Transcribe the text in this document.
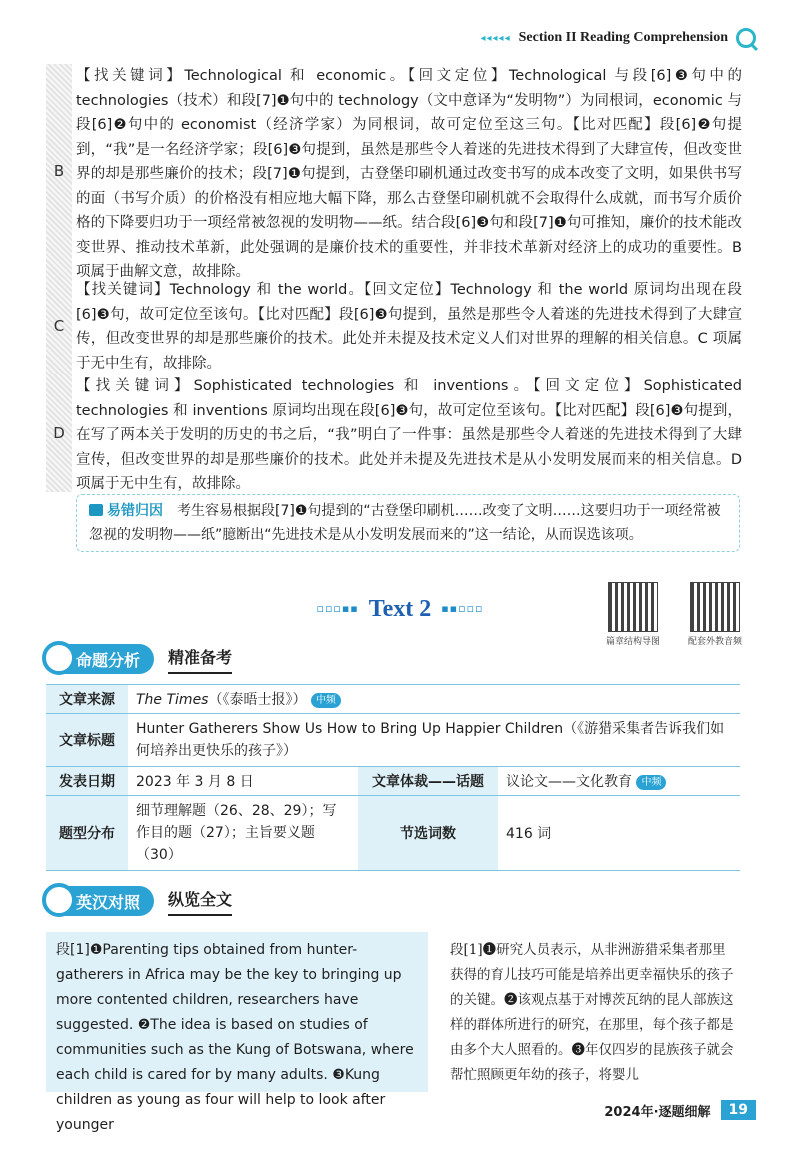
◂◂◂◂◂ Section II Reading Comprehension
B
【找关键词】Technological 和 economic。【回文定位】Technological 与段[6]❸句中的 technologies（技术）和段[7]❶句中的 technology（文中意译为“发明物”）为同根词，economic 与段[6]❷句中的 economist（经济学家）为同根词，故可定位至这三句。【比对匹配】段[6]❷句提到，“我”是一名经济学家；段[6]❸句提到，虽然是那些令人着迷的先进技术得到了大肆宣传，但改变世界的却是那些廉价的技术；段[7]❶句提到，古登堡印刷机通过改变书写的成本改变了文明，如果供书写的面（书写介质）的价格没有相应地大幅下降，那么古登堡印刷机就不会取得什么成就，而书写介质价格的下降要归功于一项经常被忽视的发明物——纸。结合段[6]❸句和段[7]❶句可推知，廉价的技术能改变世界、推动技术革新，此处强调的是廉价技术的重要性，并非技术革新对经济上的成功的重要性。B 项属于曲解文意，故排除。
C
【找关键词】Technology 和 the world。【回文定位】Technology 和 the world 原词均出现在段[6]❸句，故可定位至该句。【比对匹配】段[6]❸句提到，虽然是那些令人着迷的先进技术得到了大肆宣传，但改变世界的却是那些廉价的技术。此处并未提及技术定义人们对世界的理解的相关信息。C 项属于无中生有，故排除。
D
【找关键词】Sophisticated technologies 和 inventions。【回文定位】Sophisticated technologies 和 inventions 原词均出现在段[6]❸句，故可定位至该句。【比对匹配】段[6]❸句提到，在写了两本关于发明的历史的书之后，“我”明白了一件事：虽然是那些令人着迷的先进技术得到了大肆宣传，但改变世界的却是那些廉价的技术。此处并未提及先进技术是从小发明发展而来的相关信息。D 项属于无中生有，故排除。
易错归因 考生容易根据段[7]❶句提到的“古登堡印刷机……改变了文明……这要归功于一项经常被忽视的发明物——纸”臆断出“先进技术是从小发明发展而来的”这一结论，从而误选该项。
▫▫▫▪▪ Text 2 ▪▪▫▫▫
篇章结构导图	配套外教音频
命题分析 精准备考
文章来源	The Times（《泰晤士报》） 中频		
文章标题	Hunter Gatherers Show Us How to Bring Up Happier Children（《游猎采集者告诉我们如何培养出更快乐的孩子》）		
发表日期	2023 年 3 月 8 日	文章体裁——话题	议论文——文化教育 中频
题型分布	细节理解题（26、28、29）；写作目的题（27）；主旨要义题（30）	节选词数	416 词
英汉对照 纵览全文
段[1]❶Parenting tips obtained from hunter-gatherers in Africa may be the key to bringing up more contented children, researchers have suggested. ❷The idea is based on studies of communities such as the Kung of Botswana, where each child is cared for by many adults. ❸Kung children as young as four will help to look after younger
段[1]❶研究人员表示，从非洲游猎采集者那里获得的育儿技巧可能是培养出更幸福快乐的孩子的关键。❷该观点基于对博茨瓦纳的昆人部族这样的群体所进行的研究，在那里，每个孩子都是由多个大人照看的。❸年仅四岁的昆族孩子就会帮忙照顾更年幼的孩子，将婴儿
2024年·逐题细解	19
